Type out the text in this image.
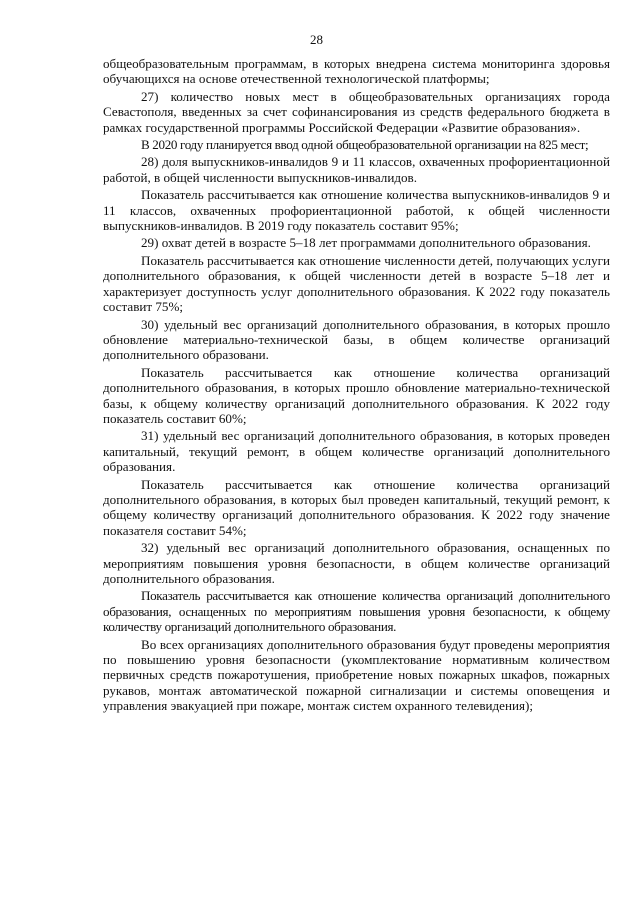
28

общеобразовательным программам, в которых внедрена система мониторинга здоровья обучающихся на основе отечественной технологической платформы;

27) количество новых мест в общеобразовательных организациях города Севастополя, введенных за счет софинансирования из средств федерального бюджета в рамках государственной программы Российской Федерации «Развитие образования».

В 2020 году планируется ввод одной общеобразовательной организации на 825 мест;

28) доля выпускников-инвалидов 9 и 11 классов, охваченных профориентационной работой, в общей численности выпускников-инвалидов.

Показатель рассчитывается как отношение количества выпускников-инвалидов 9 и 11 классов, охваченных профориентационной работой, к общей численности выпускников-инвалидов. В 2019 году показатель составит 95%;

29) охват детей в возрасте 5–18 лет программами дополнительного образования.

Показатель рассчитывается как отношение численности детей, получающих услуги дополнительного образования, к общей численности детей в возрасте 5–18 лет и характеризует доступность услуг дополнительного образования. К 2022 году показатель составит 75%;

30) удельный вес организаций дополнительного образования, в которых прошло обновление материально-технической базы, в общем количестве организаций дополнительного образовани.

Показатель рассчитывается как отношение количества организаций дополнительного образования, в которых прошло обновление материально-технической базы, к общему количеству организаций дополнительного образования. К 2022 году показатель составит 60%;

31) удельный вес организаций дополнительного образования, в которых проведен капитальный, текущий ремонт, в общем количестве организаций дополнительного образования.

Показатель рассчитывается как отношение количества организаций дополнительного образования, в которых был проведен капитальный, текущий ремонт, к общему количеству организаций дополнительного образования. К 2022 году значение показателя составит 54%;

32) удельный вес организаций дополнительного образования, оснащенных по мероприятиям повышения уровня безопасности, в общем количестве организаций дополнительного образования.

Показатель рассчитывается как отношение количества организаций дополнительного образования, оснащенных по мероприятиям повышения уровня безопасности, к общему количеству организаций дополнительного образования.

Во всех организациях дополнительного образования будут проведены мероприятия по повышению уровня безопасности (укомплектование нормативным количеством первичных средств пожаротушения, приобретение новых пожарных шкафов, пожарных рукавов, монтаж автоматической пожарной сигнализации и системы оповещения и управления эвакуацией при пожаре, монтаж систем охранного телевидения);
